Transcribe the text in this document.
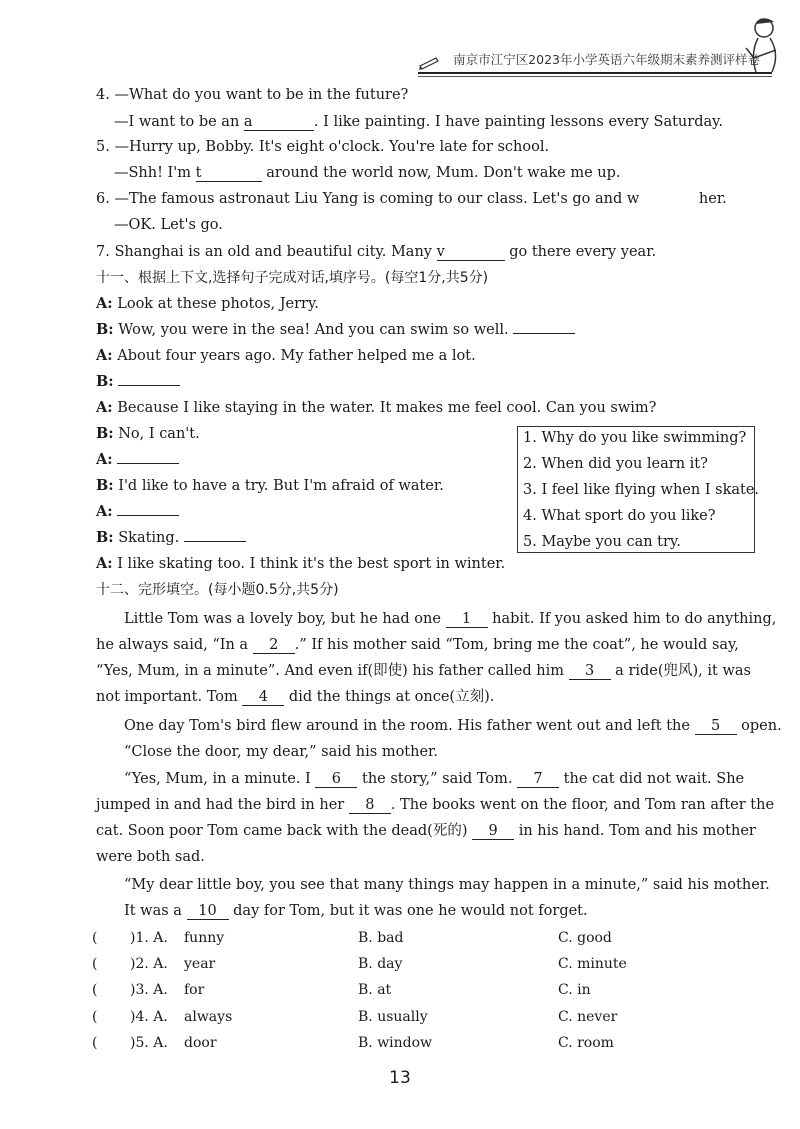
南京市江宁区2023年小学英语六年级期末素养测评样卷
4. —What do you want to be in the future?
—I want to be an a	. I like painting. I have painting lessons every Saturday.
5. —Hurry up, Bobby. It's eight o'clock. You're late for school.
—Shh! I'm t	around the world now, Mum. Don't wake me up.
6. —The famous astronaut Liu Yang is coming to our class. Let's go and w	her.
—OK. Let's go.
7. Shanghai is an old and beautiful city. Many v	go there every year.
十一、根据上下文,选择句子完成对话,填序号。(每空1分,共5分)
A: Look at these photos, Jerry.
B: Wow, you were in the sea! And you can swim so well.
A: About four years ago. My father helped me a lot.
B:
A: Because I like staying in the water. It makes me feel cool. Can you swim?
B: No, I can't.
A:
B: I'd like to have a try. But I'm afraid of water.
A:
B: Skating.
A: I like skating too. I think it's the best sport in winter.
1. Why do you like swimming?
2. When did you learn it?
3. I feel like flying when I skate.
4. What sport do you like?
5. Maybe you can try.
十二、完形填空。(每小题0.5分,共5分)
Little Tom was a lovely boy, but he had one 1 habit. If you asked him to do anything,
he always said, “In a 2 .” If his mother said “Tom, bring me the coat”, he would say,
“Yes, Mum, in a minute”. And even if(即使) his father called him 3 a ride(兜风), it was
not important. Tom 4 did the things at once(立刻).
One day Tom's bird flew around in the room. His father went out and left the 5 open.
“Close the door, my dear,” said his mother.
“Yes, Mum, in a minute. I 6 the story,” said Tom. 7 the cat did not wait. She
jumped in and had the bird in her 8 . The books went on the floor, and Tom ran after the
cat. Soon poor Tom came back with the dead(死的) 9 in his hand. Tom and his mother
were both sad.
“My dear little boy, you see that many things may happen in a minute,” said his mother.
It was a 10 day for Tom, but it was one he would not forget.
( )1. A. funny	B. bad	C. good
( )2. A. year	B. day	C. minute
( )3. A. for	B. at	C. in
( )4. A. always	B. usually	C. never
( )5. A. door	B. window	C. room
13
